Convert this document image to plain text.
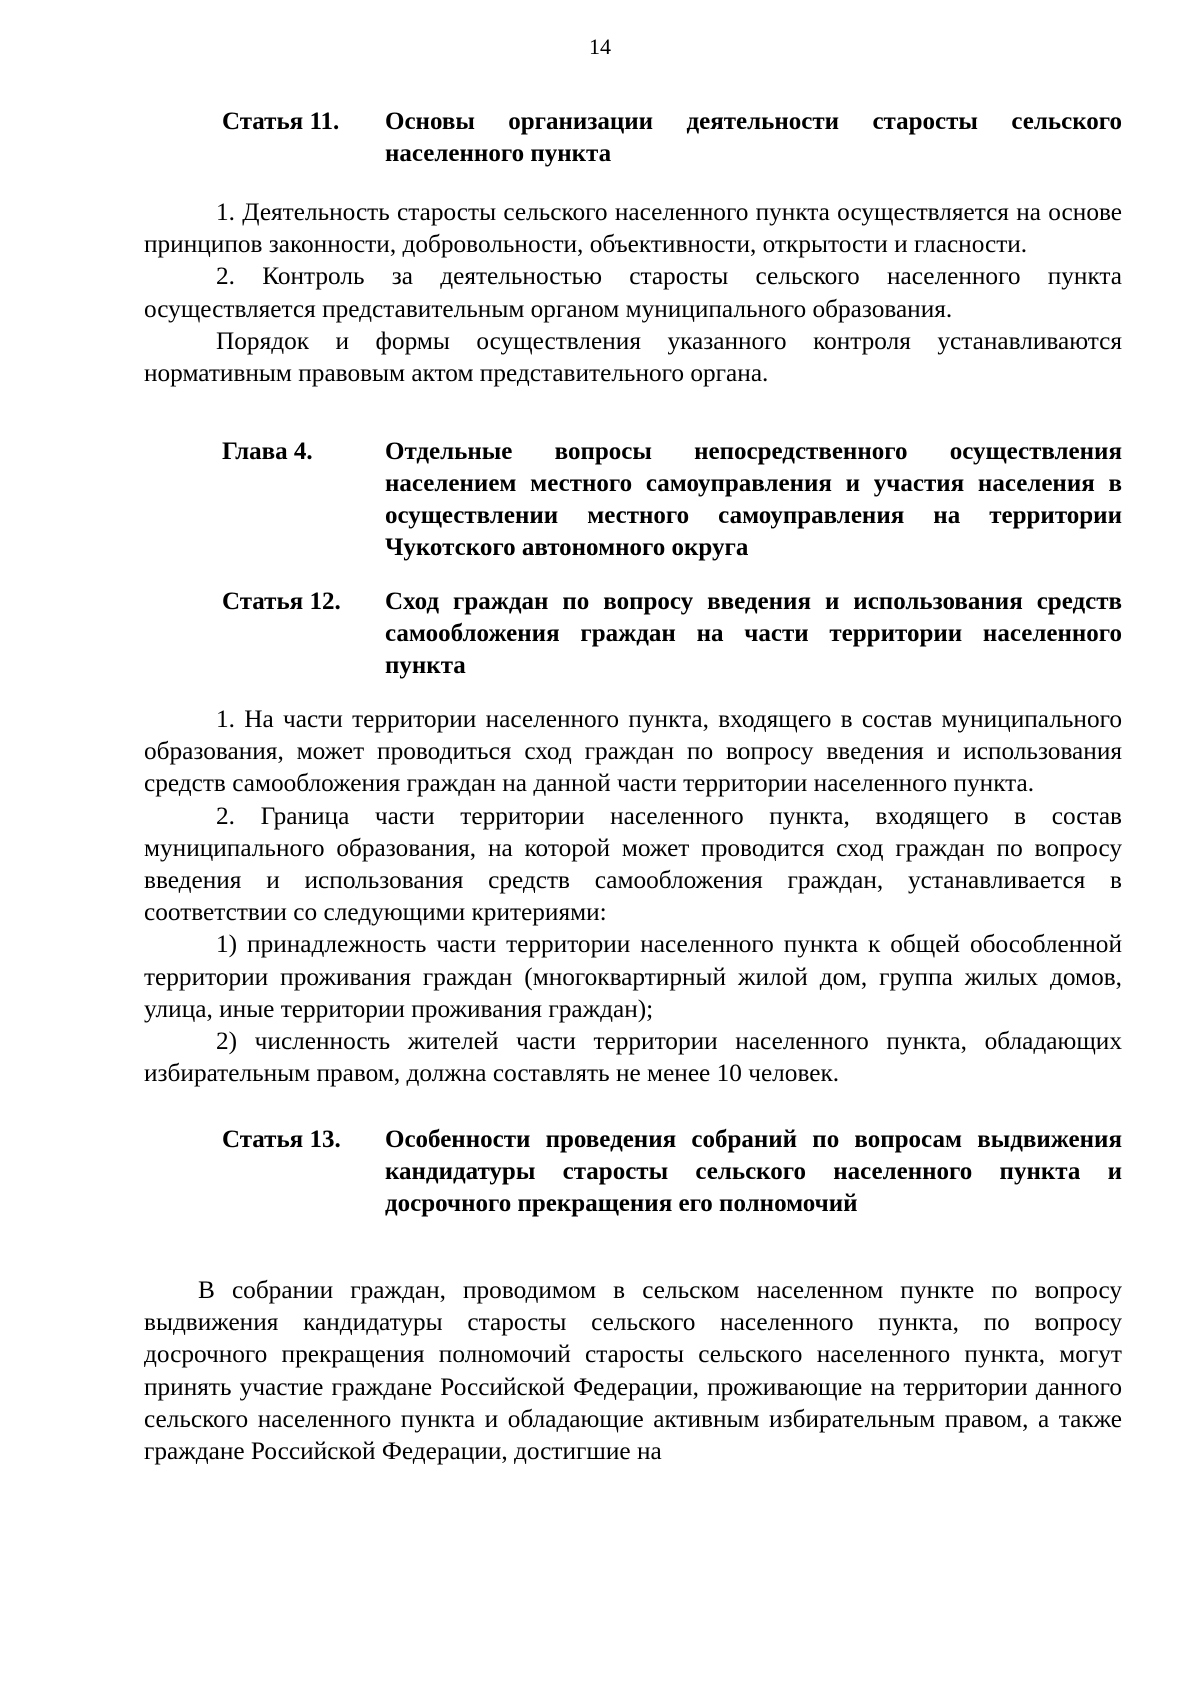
14
Статья 11.	Основы организации деятельности старосты сельского населенного пункта

1. Деятельность старосты сельского населенного пункта осуществляется на основе принципов законности, добровольности, объективности, открытости и гласности.

2. Контроль за деятельностью старосты сельского населенного пункта осуществляется представительным органом муниципального образования.

Порядок и формы осуществления указанного контроля устанавливаются нормативным правовым актом представительного органа.

Глава 4.	Отдельные вопросы непосредственного осуществления населением местного самоуправления и участия населения в осуществлении местного самоуправления на территории Чукотского автономного округа
Статья 12.	Сход граждан по вопросу введения и использования средств самообложения граждан на части территории населенного пункта

1. На части территории населенного пункта, входящего в состав муниципального образования, может проводиться сход граждан по вопросу введения и использования средств самообложения граждан на данной части территории населенного пункта.

2. Граница части территории населенного пункта, входящего в состав муниципального образования, на которой может проводится сход граждан по вопросу введения и использования средств самообложения граждан, устанавливается в соответствии со следующими критериями:

1) принадлежность части территории населенного пункта к общей обособленной территории проживания граждан (многоквартирный жилой дом, группа жилых домов, улица, иные территории проживания граждан);

2) численность жителей части территории населенного пункта, обладающих избирательным правом, должна составлять не менее 10 человек.

Статья 13.	Особенности проведения собраний по вопросам выдвижения кандидатуры старосты сельского населенного пункта и досрочного прекращения его полномочий

В собрании граждан, проводимом в сельском населенном пункте по вопросу выдвижения кандидатуры старосты сельского населенного пункта, по вопросу досрочного прекращения полномочий старосты сельского населенного пункта, могут принять участие граждане Российской Федерации, проживающие на территории данного сельского населенного пункта и обладающие активным избирательным правом, а также граждане Российской Федерации, достигшие на
